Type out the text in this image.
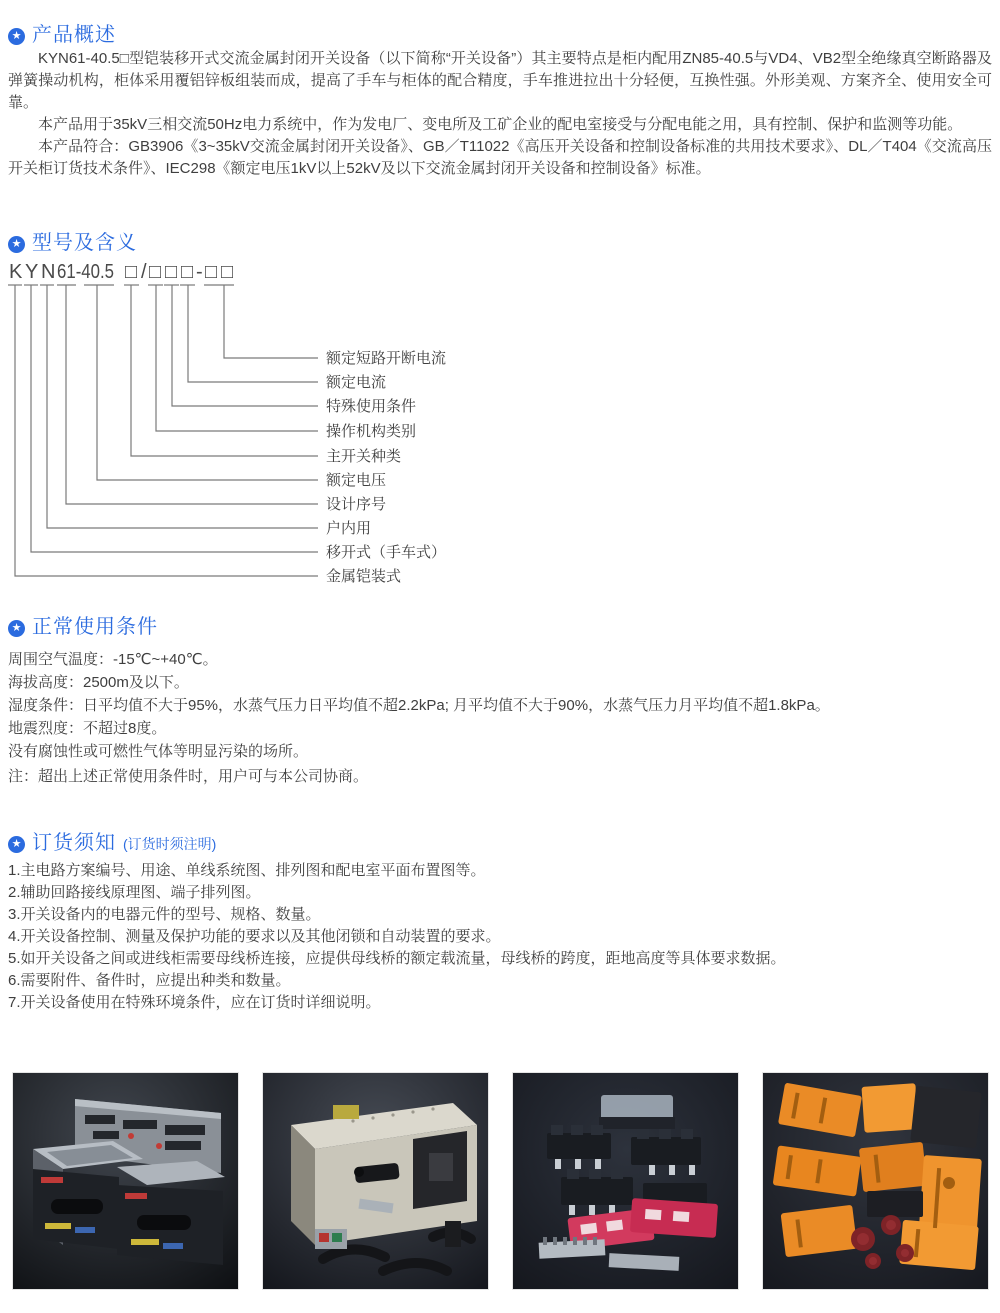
★ 产品概述
KYN61-40.5□型铠装移开式交流金属封闭开关设备（以下简称“开关设备”）其主要特点是柜内配用ZN85-40.5与VD4、VB2型全绝缘真空断路器及弹簧操动机构，柜体采用覆铝锌板组装而成，提高了手车与柜体的配合精度，手车推进拉出十分轻便，互换性强。外形美观、方案齐全、使用安全可靠。
本产品用于35kV三相交流50Hz电力系统中，作为发电厂、变电所及工矿企业的配电室接受与分配电能之用，具有控制、保护和监测等功能。
本产品符合：GB3906《3~35kV交流金属封闭开关设备》、GB／T11022《高压开关设备和控制设备标准的共用技术要求》、DL／T404《交流高压开关柜订货技术条件》、IEC298《额定电压1kV以上52kV及以下交流金属封闭开关设备和控制设备》标准。
★ 型号及含义
K Y N 61-40.5 □ / □ □ □ - □ □
额定短路开断电流
额定电流
特殊使用条件
操作机构类别
主开关种类
额定电压
设计序号
户内用
移开式（手车式）
金属铠装式
★ 正常使用条件
周围空气温度：-15℃~+40℃。
海拔高度：2500m及以下。
湿度条件：日平均值不大于95%，水蒸气压力日平均值不超2.2kPa; 月平均值不大于90%，水蒸气压力月平均值不超1.8kPa。
地震烈度：不超过8度。
没有腐蚀性或可燃性气体等明显污染的场所。
注：超出上述正常使用条件时，用户可与本公司协商。
★ 订货须知 (订货时须注明)
1.主电路方案编号、用途、单线系统图、排列图和配电室平面布置图等。
2.辅助回路接线原理图、端子排列图。
3.开关设备内的电器元件的型号、规格、数量。
4.开关设备控制、测量及保护功能的要求以及其他闭锁和自动装置的要求。
5.如开关设备之间或进线柜需要母线桥连接，应提供母线桥的额定载流量，母线桥的跨度，距地高度等具体要求数据。
6.需要附件、备件时，应提出种类和数量。
7.开关设备使用在特殊环境条件，应在订货时详细说明。
